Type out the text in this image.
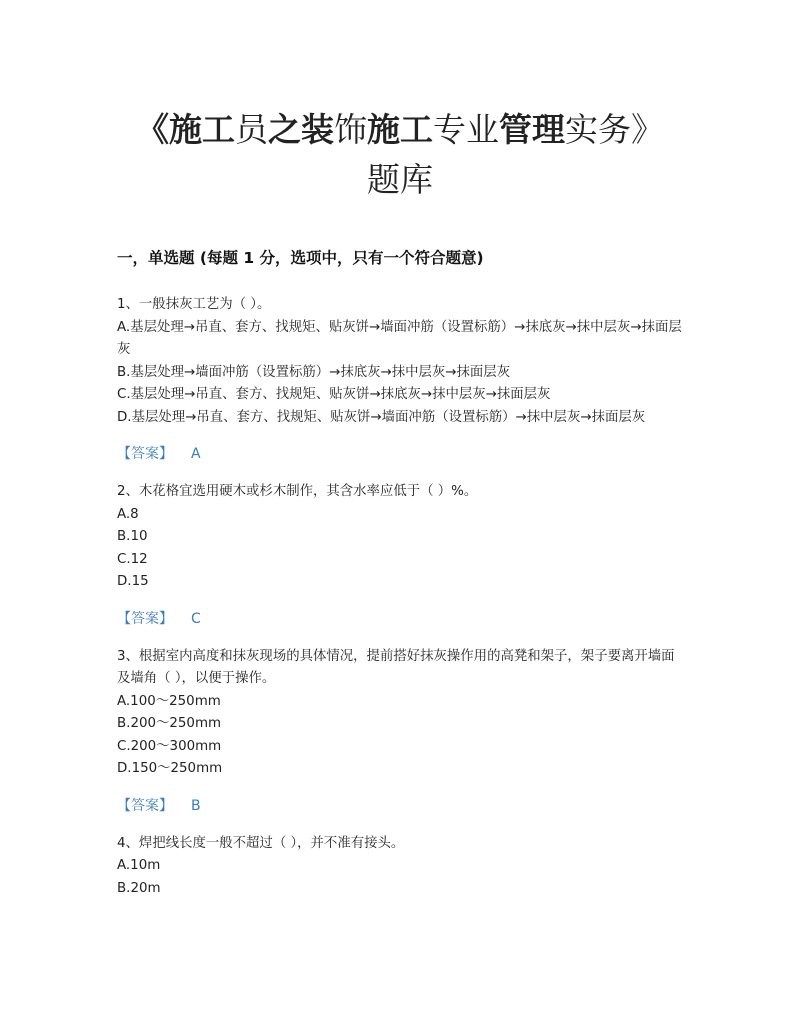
《施工员之装饰施工专业管理实务》
题库
一，单选题 (每题 1 分，选项中，只有一个符合题意)

1、一般抹灰工艺为（ ）。

A.基层处理→吊直、套方、找规矩、贴灰饼→墙面冲筋（设置标筋）→抹底灰→抹中层灰→抹面层灰

B.基层处理→墙面冲筋（设置标筋）→抹底灰→抹中层灰→抹面层灰

C.基层处理→吊直、套方、找规矩、贴灰饼→抹底灰→抹中层灰→抹面层灰

D.基层处理→吊直、套方、找规矩、贴灰饼→墙面冲筋（设置标筋）→抹中层灰→抹面层灰

【答案】 A

2、木花格宜选用硬木或杉木制作，其含水率应低于（ ）%。

A.8

B.10

C.12

D.15

【答案】 C

3、根据室内高度和抹灰现场的具体情况，提前搭好抹灰操作用的高凳和架子，架子要离开墙面及墙角（ ），以便于操作。

A.100～250mm

B.200～250mm

C.200～300mm

D.150～250mm

【答案】 B

4、焊把线长度一般不超过（ ），并不准有接头。

A.10m

B.20m
